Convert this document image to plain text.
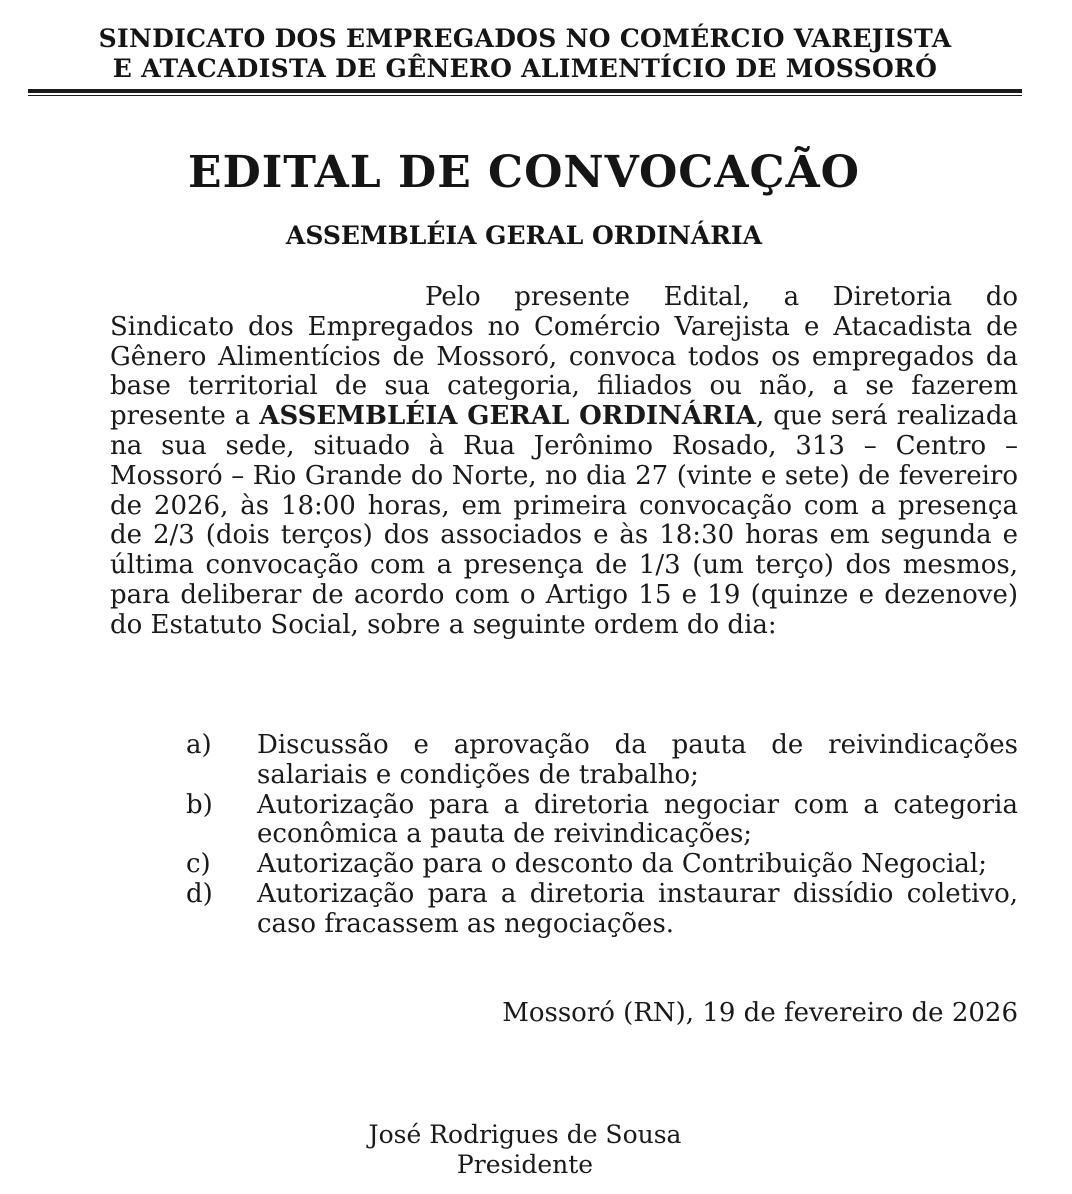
SINDICATO DOS EMPREGADOS NO COMÉRCIO VAREJISTA
E ATACADISTA DE GÊNERO ALIMENTÍCIO DE MOSSORÓ
EDITAL DE CONVOCAÇÃO
ASSEMBLÉIA GERAL ORDINÁRIA
Pelo presente Edital, a Diretoria do Sindicato dos Empregados no Comércio Varejista e Atacadista de Gênero Alimentícios de Mossoró, convoca todos os empregados da base territorial de sua categoria, filiados ou não, a se fazerem presente a ASSEMBLÉIA GERAL ORDINÁRIA, que será realizada na sua sede, situado à Rua Jerônimo Rosado, 313 – Centro – Mossoró – Rio Grande do Norte, no dia 27 (vinte e sete) de fevereiro de 2026, às 18:00 horas, em primeira convocação com a presença de 2/3 (dois terços) dos associados e às 18:30 horas em segunda e última convocação com a presença de 1/3 (um terço) dos mesmos, para deliberar de acordo com o Artigo 15 e 19 (quinze e dezenove) do Estatuto Social, sobre a seguinte ordem do dia:
a)	Discussão e aprovação da pauta de reivindicações salariais e condições de trabalho;
b)	Autorização para a diretoria negociar com a categoria econômica a pauta de reivindicações;
c)	Autorização para o desconto da Contribuição Negocial;
d)	Autorização para a diretoria instaurar dissídio coletivo, caso fracassem as negociações.
Mossoró (RN), 19 de fevereiro de 2026
José Rodrigues de Sousa
Presidente
